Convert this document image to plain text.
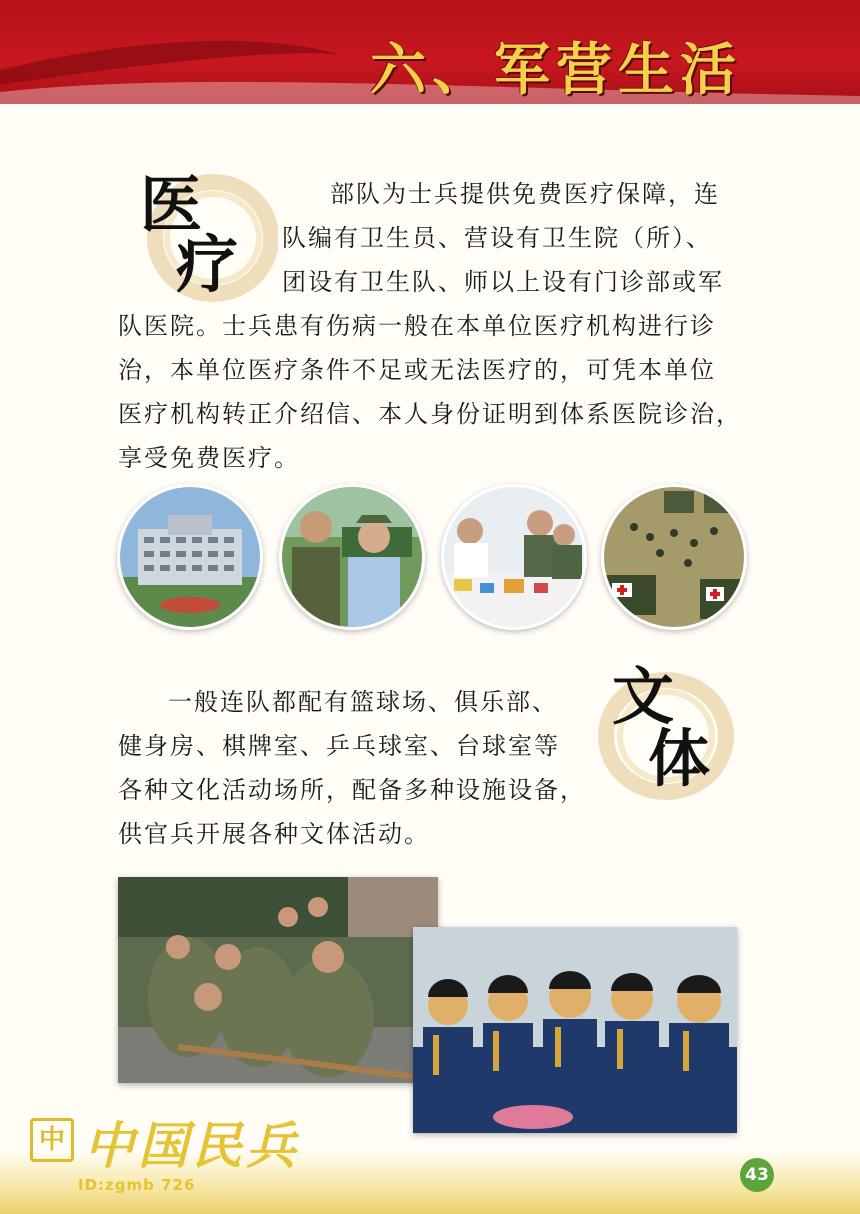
六、军营生活
医
疗

部队为士兵提供免费医疗保障，连

队编有卫生员、营设有卫生院（所）、

团设有卫生队、师以上设有门诊部或军

队医院。士兵患有伤病一般在本单位医疗机构进行诊

治，本单位医疗条件不足或无法医疗的，可凭本单位

医疗机构转正介绍信、本人身份证明到体系医院诊治，

享受免费医疗。

一般连队都配有篮球场、俱乐部、

健身房、棋牌室、乒乓球室、台球室等

各种文化活动场所，配备多种设施设备，

供官兵开展各种文体活动。

文
体
中 中国民兵
ID:zgmb 726	43
